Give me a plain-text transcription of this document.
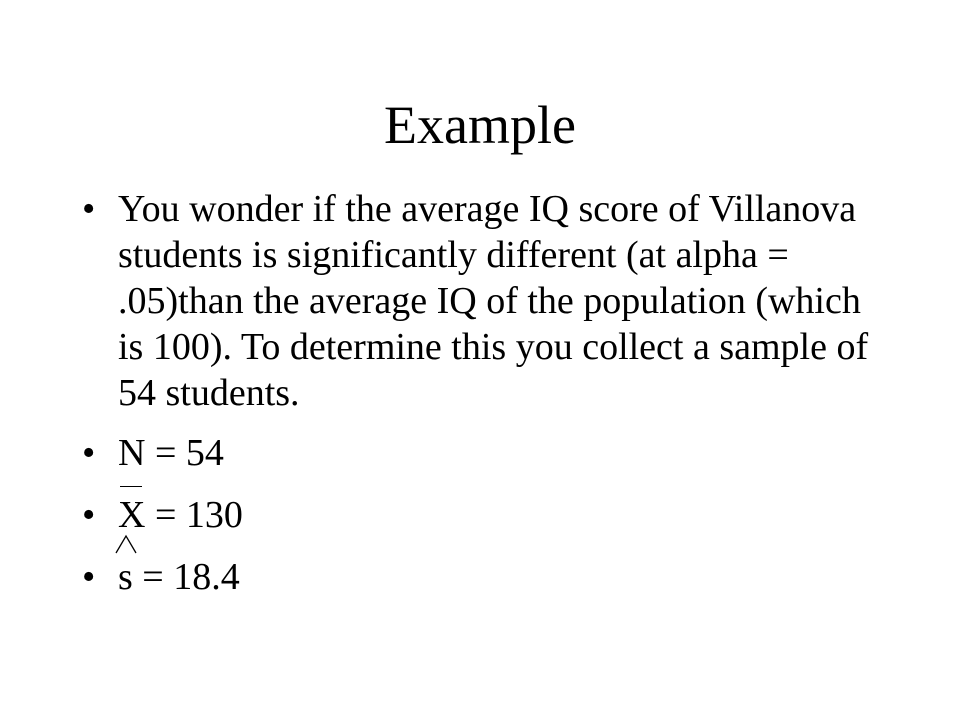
Example
• You wonder if the average IQ score of Villanova students is significantly different (at alpha = .05)than the average IQ of the population (which is 100). To determine this you collect a sample of 54 students.
• N = 54
• X = 130
• s = 18.4
